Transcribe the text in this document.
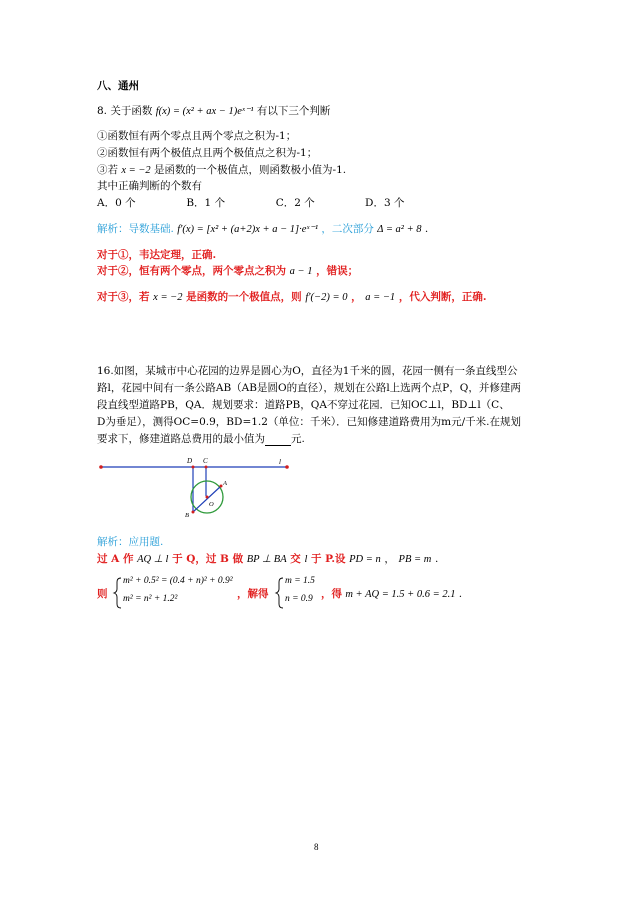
八、通州
8. 关于函数 f(x) = (x² + ax − 1)eˣ⁻¹ 有以下三个判断
①函数恒有两个零点且两个零点之积为-1；
②函数恒有两个极值点且两个极值点之积为-1；
③若 x = −2 是函数的一个极值点，则函数极小值为-1.
其中正确判断的个数有
A．0 个	B．1 个	C．2 个	D．3 个
解析：导数基础. f′(x) = [x² + (a+2)x + a − 1]·eˣ⁻¹ ，二次部分 Δ = a² + 8 .
对于①，韦达定理，正确.
对于②，恒有两个零点，两个零点之积为 a − 1 ，错误；
对于③，若 x = −2 是函数的一个极值点，则 f′(−2) = 0 ， a = −1 ，代入判断，正确.
16.如图，某城市中心花园的边界是圆心为O，直径为1千米的圆，花园一侧有一条直线型公
路l，花园中间有一条公路AB（AB是圆O的直径），规划在公路l上选两个点P，Q，并修建两
段直线型道路PB，QA．规划要求：道路PB，QA不穿过花园．已知OC⊥l，BD⊥l（C、
D为垂足），测得OC=0.9，BD=1.2（单位：千米）．已知修建道路费用为m元/千米.在规划
要求下，修建道路总费用的最小值为 元.
D C	l
A
O
B
解析：应用题.
过 A 作 AQ ⊥ l 于 Q，过 B 做 BP ⊥ BA 交 l 于 P.设 PD = n ， PB = m .
则
m² + 0.5² = (0.4 + n)² + 0.9²
m² = n² + 1.2²	，解得
m = 1.5
n = 0.9 ，得 m + AQ = 1.5 + 0.6 = 2.1 .
8
